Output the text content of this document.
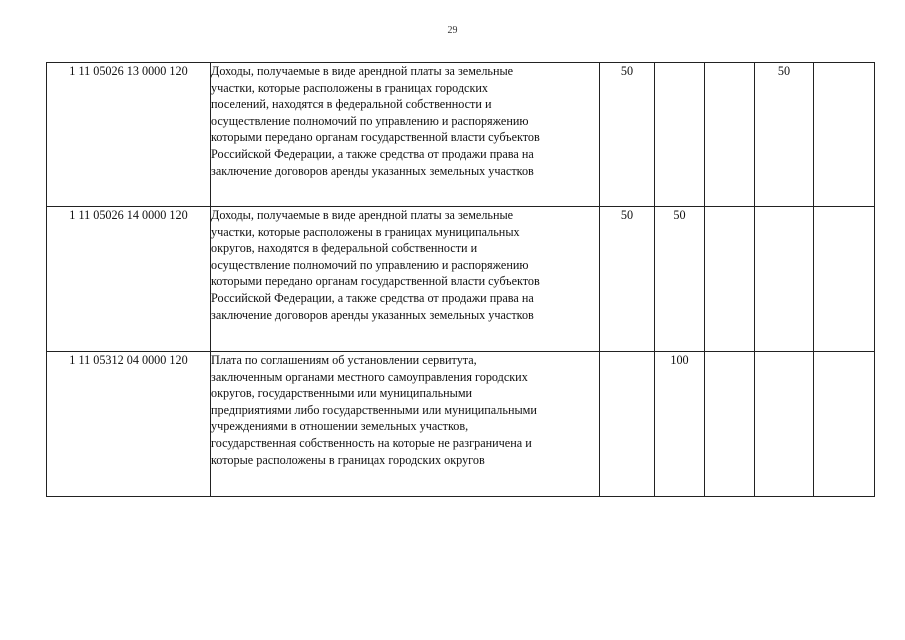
29
1 11 05026 13 0000 120	Доходы, получаемые в виде арендной платы за земельные
участки, которые расположены в границах городских
поселений, находятся в федеральной собственности и
осуществление полномочий по управлению и распоряжению
которыми передано органам государственной власти субъектов
Российской Федерации, а также средства от продажи права на
заключение договоров аренды указанных земельных участков
	50			50	
1 11 05026 14 0000 120	Доходы, получаемые в виде арендной платы за земельные
участки, которые расположены в границах муниципальных
округов, находятся в федеральной собственности и
осуществление полномочий по управлению и распоряжению
которыми передано органам государственной власти субъектов
Российской Федерации, а также средства от продажи права на
заключение договоров аренды указанных земельных участков
	50	50			
1 11 05312 04 0000 120	Плата по соглашениям об установлении сервитута,
заключенным органами местного самоуправления городских
округов, государственными или муниципальными
предприятиями либо государственными или муниципальными
учреждениями в отношении земельных участков,
государственная собственность на которые не разграничена и
которые расположены в границах городских округов
		100			
